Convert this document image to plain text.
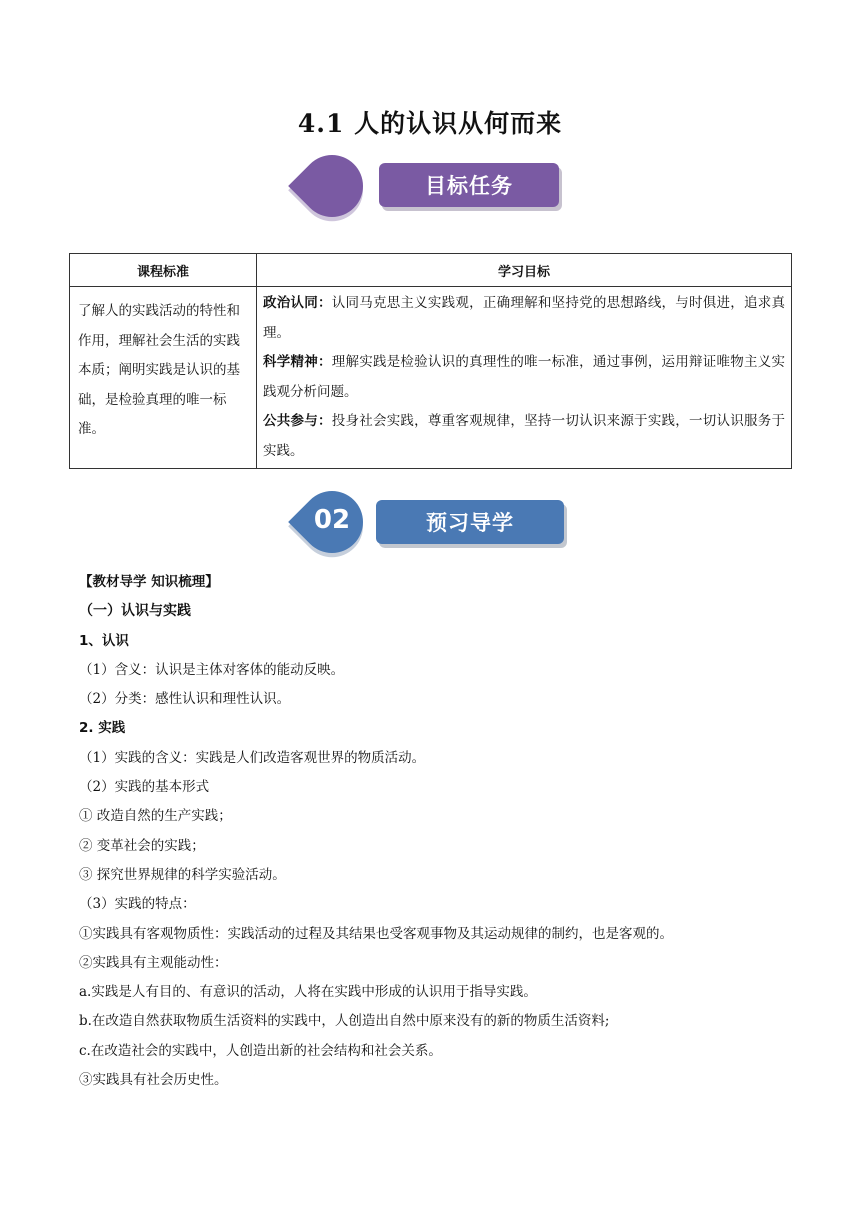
4.1 人的认识从何而来
目标任务
课程标准	学习目标
了解人的实践活动的特性和作用，理解社会生活的实践本质；阐明实践是认识的基础，是检验真理的唯一标准。	政治认同：认同马克思主义实践观，正确理解和坚持党的思想路线，与时俱进，追求真理。

科学精神：理解实践是检验认识的真理性的唯一标准，通过事例，运用辩证唯物主义实践观分析问题。

公共参与：投身社会实践，尊重客观规律，坚持一切认识来源于实践，一切认识服务于实践。

02	预习导学
【教材导学 知识梳理】
（一）认识与实践
1、认识
（1）含义：认识是主体对客体的能动反映。
（2）分类：感性认识和理性认识。
2. 实践
（1）实践的含义：实践是人们改造客观世界的物质活动。
（2）实践的基本形式
① 改造自然的生产实践；
② 变革社会的实践；
③ 探究世界规律的科学实验活动。
（3）实践的特点：
①实践具有客观物质性：实践活动的过程及其结果也受客观事物及其运动规律的制约，也是客观的。
②实践具有主观能动性：
a.实践是人有目的、有意识的活动，人将在实践中形成的认识用于指导实践。
b.在改造自然获取物质生活资料的实践中，人创造出自然中原来没有的新的物质生活资料;
c.在改造社会的实践中，人创造出新的社会结构和社会关系。
③实践具有社会历史性。
